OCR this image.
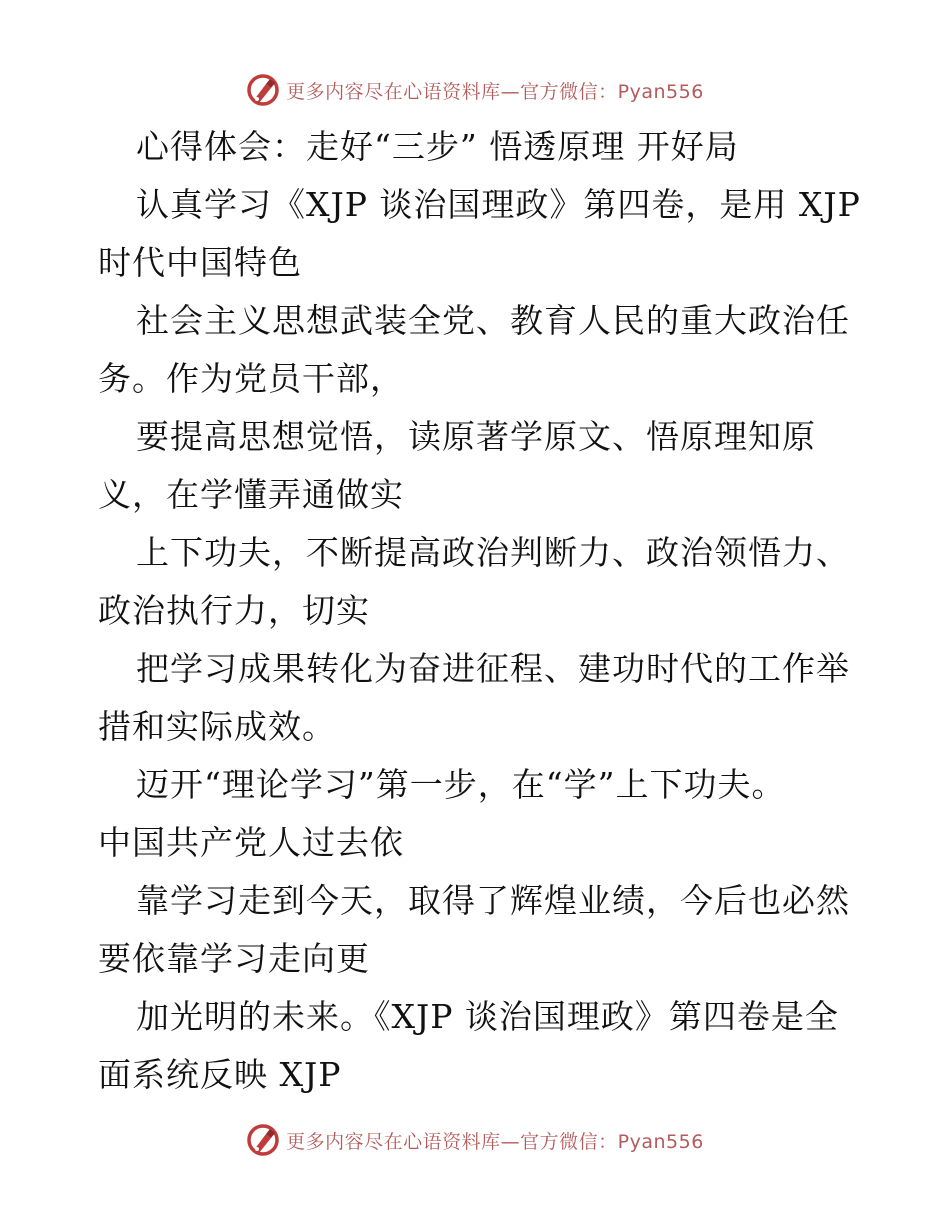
更多内容尽在心语资料库—官方微信：Pyan556
心得体会：走好“三步” 悟透原理 开好局
认真学习《XJP 谈治国理政》第四卷，是用 XJP
时代中国特色
社会主义思想武装全党、教育人民的重大政治任
务。作为党员干部，
要提高思想觉悟，读原著学原文、悟原理知原
义，在学懂弄通做实
上下功夫，不断提高政治判断力、政治领悟力、
政治执行力，切实
把学习成果转化为奋进征程、建功时代的工作举
措和实际成效。
迈开“理论学习”第一步，在“学”上下功夫。
中国共产党人过去依
靠学习走到今天，取得了辉煌业绩，今后也必然
要依靠学习走向更
加光明的未来。《XJP 谈治国理政》第四卷是全
面系统反映 XJP
更多内容尽在心语资料库—官方微信：Pyan556
